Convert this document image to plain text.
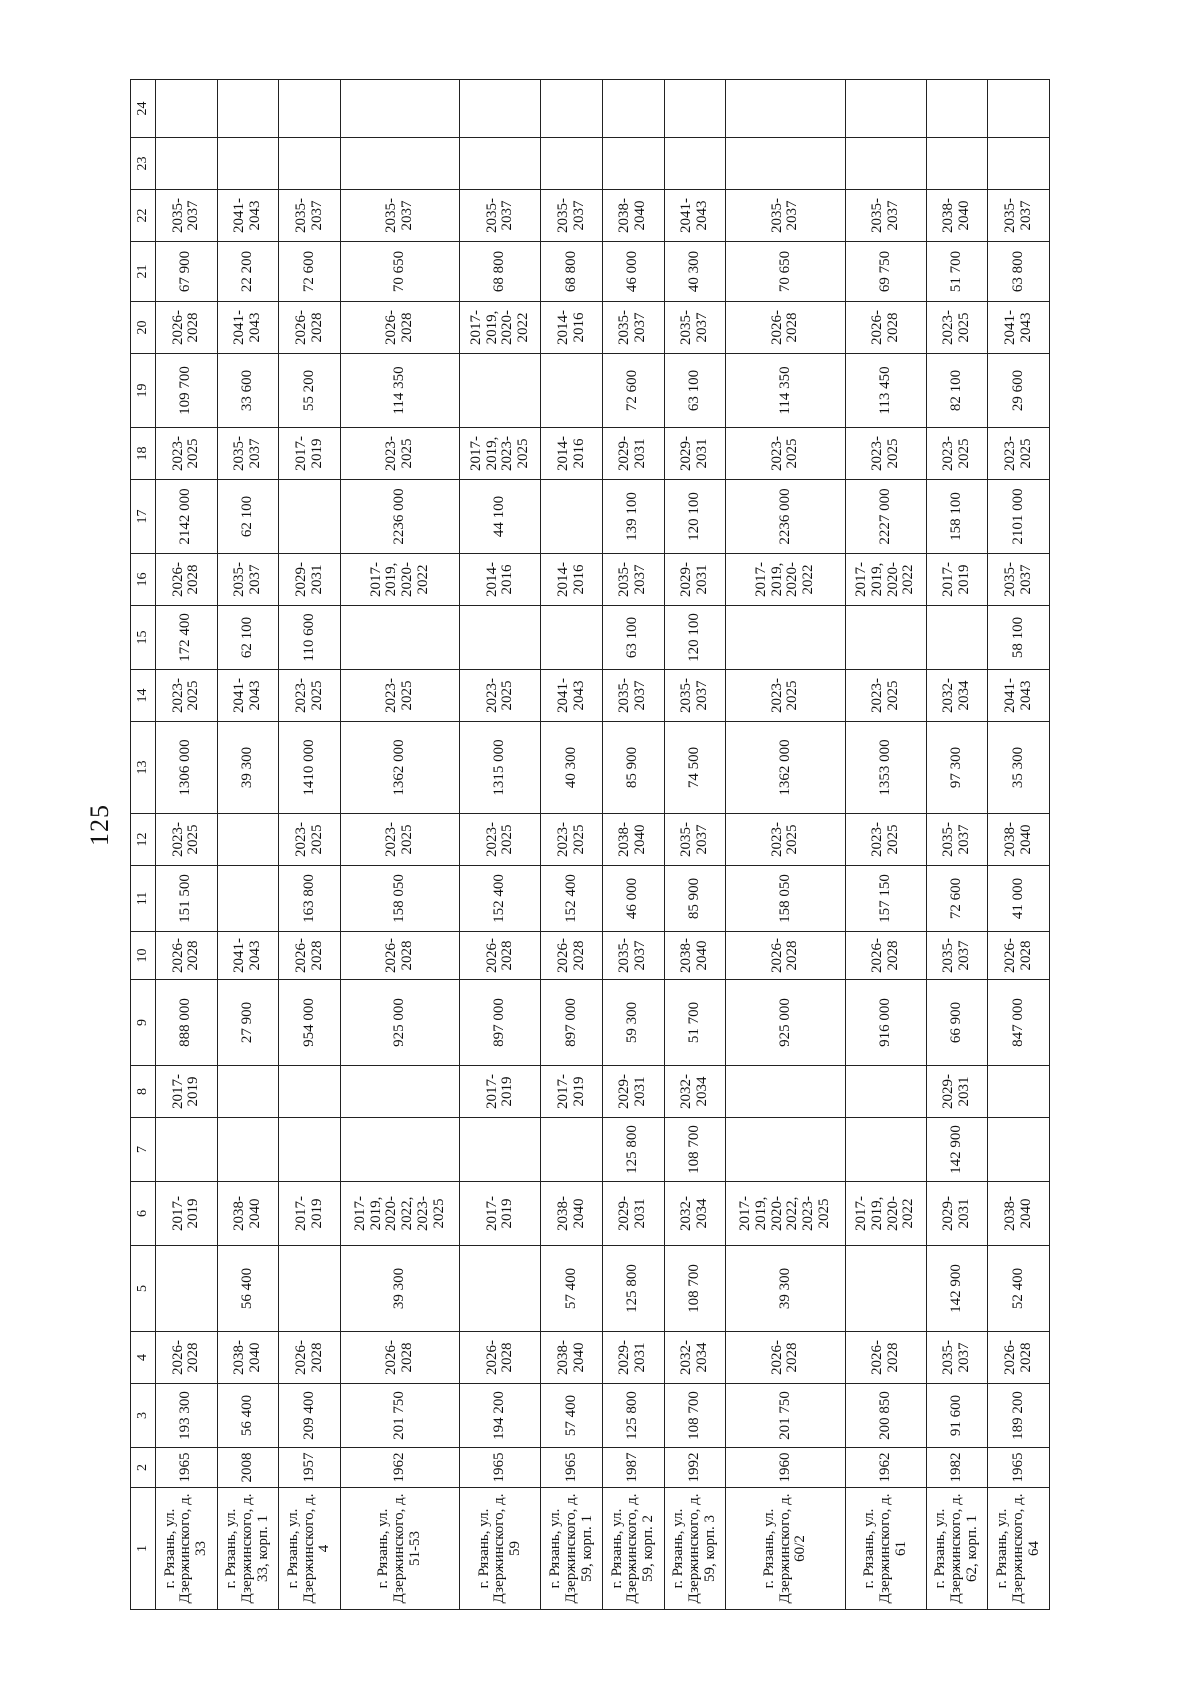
125
1	2	3	4	5	6	7	8	9	10	11	12	13	14	15	16	17	18	19	20	21	22	23	24
г. Рязань, ул. Дзержинского, д. 33	1965	193 300	2026-2028		2017-2019		2017-2019	888 000	2026-2028	151 500	2023-2025	1306 000	2023-2025	172 400	2026-2028	2142 000	2023-2025	109 700	2026-2028	67 900	2035-2037		
г. Рязань, ул. Дзержинского, д. 33, корп. 1	2008	56 400	2038-2040	56 400	2038-2040			27 900	2041-2043			39 300	2041-2043	62 100	2035-2037	62 100	2035-2037	33 600	2041-2043	22 200	2041-2043		
г. Рязань, ул. Дзержинского, д. 4	1957	209 400	2026-2028		2017-2019			954 000	2026-2028	163 800	2023-2025	1410 000	2023-2025	110 600	2029-2031		2017-2019	55 200	2026-2028	72 600	2035-2037		
г. Рязань, ул. Дзержинского, д. 51-53	1962	201 750	2026-2028	39 300	2017-2019, 2020-2022, 2023-2025			925 000	2026-2028	158 050	2023-2025	1362 000	2023-2025		2017-2019, 2020-2022	2236 000	2023-2025	114 350	2026-2028	70 650	2035-2037		
г. Рязань, ул. Дзержинского, д. 59	1965	194 200	2026-2028		2017-2019		2017-2019	897 000	2026-2028	152 400	2023-2025	1315 000	2023-2025		2014-2016	44 100	2017-2019, 2023-2025		2017-2019, 2020-2022	68 800	2035-2037		
г. Рязань, ул. Дзержинского, д. 59, корп. 1	1965	57 400	2038-2040	57 400	2038-2040		2017-2019	897 000	2026-2028	152 400	2023-2025	40 300	2041-2043		2014-2016		2014-2016		2014-2016	68 800	2035-2037		
г. Рязань, ул. Дзержинского, д. 59, корп. 2	1987	125 800	2029-2031	125 800	2029-2031	125 800	2029-2031	59 300	2035-2037	46 000	2038-2040	85 900	2035-2037	63 100	2035-2037	139 100	2029-2031	72 600	2035-2037	46 000	2038-2040		
г. Рязань, ул. Дзержинского, д. 59, корп. 3	1992	108 700	2032-2034	108 700	2032-2034	108 700	2032-2034	51 700	2038-2040	85 900	2035-2037	74 500	2035-2037	120 100	2029-2031	120 100	2029-2031	63 100	2035-2037	40 300	2041-2043		
г. Рязань, ул. Дзержинского, д. 60/2	1960	201 750	2026-2028	39 300	2017-2019, 2020-2022, 2023-2025			925 000	2026-2028	158 050	2023-2025	1362 000	2023-2025		2017-2019, 2020-2022	2236 000	2023-2025	114 350	2026-2028	70 650	2035-2037		
г. Рязань, ул. Дзержинского, д. 61	1962	200 850	2026-2028		2017-2019, 2020-2022			916 000	2026-2028	157 150	2023-2025	1353 000	2023-2025		2017-2019, 2020-2022	2227 000	2023-2025	113 450	2026-2028	69 750	2035-2037		
г. Рязань, ул. Дзержинского, д. 62, корп. 1	1982	91 600	2035-2037	142 900	2029-2031	142 900	2029-2031	66 900	2035-2037	72 600	2035-2037	97 300	2032-2034		2017-2019	158 100	2023-2025	82 100	2023-2025	51 700	2038-2040		
г. Рязань, ул. Дзержинского, д. 64	1965	189 200	2026-2028	52 400	2038-2040			847 000	2026-2028	41 000	2038-2040	35 300	2041-2043	58 100	2035-2037	2101 000	2023-2025	29 600	2041-2043	63 800	2035-2037		
